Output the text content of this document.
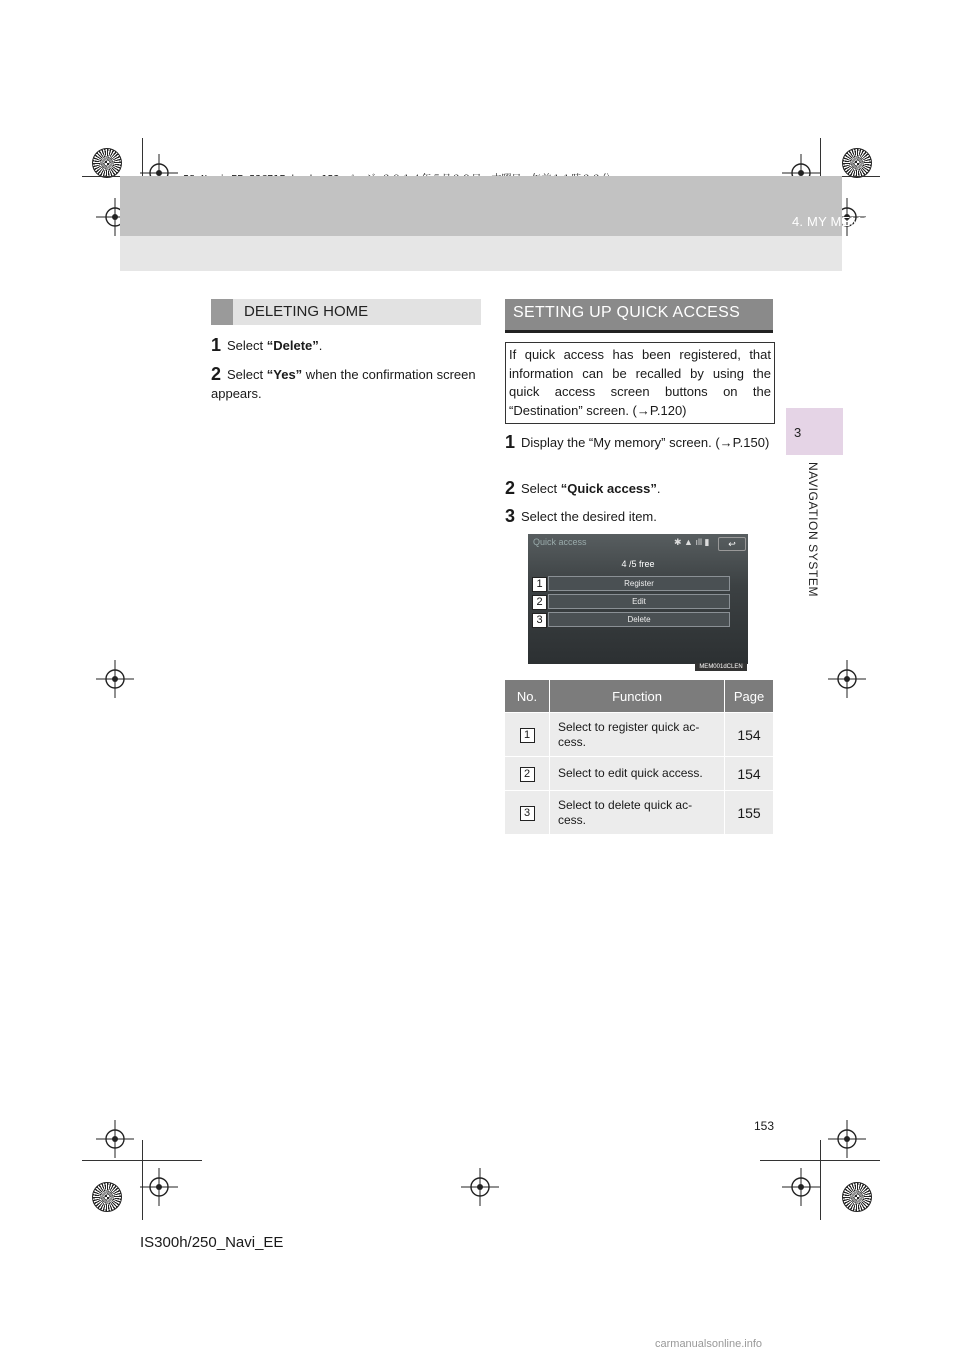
4. MY MEMORY
3
NAVIGATION SYSTEM
DELETING HOME
1 Select “Delete”.
2 Select “Yes” when the confirmation screen appears.
SETTING UP QUICK ACCESS
If quick access has been registered, that information can be recalled by using the quick access screen buttons on the “Destination” screen. (→P.120)
1 Display the “My memory” screen. (→P.150)
2 Select “Quick access”.
3 Select the desired item.
Quick access	✱ ▲ ıll ▮	↩
4 /5 free
Register
Edit
Delete
1
2
3
MEM001dCLEN
No.	Function	Page
1	Select to register quick ac-cess.	154
2	Select to edit quick access.	154
3	Select to delete quick ac-cess.	155
153
IS300h/250_Navi_EE
carmanualsonline.info
